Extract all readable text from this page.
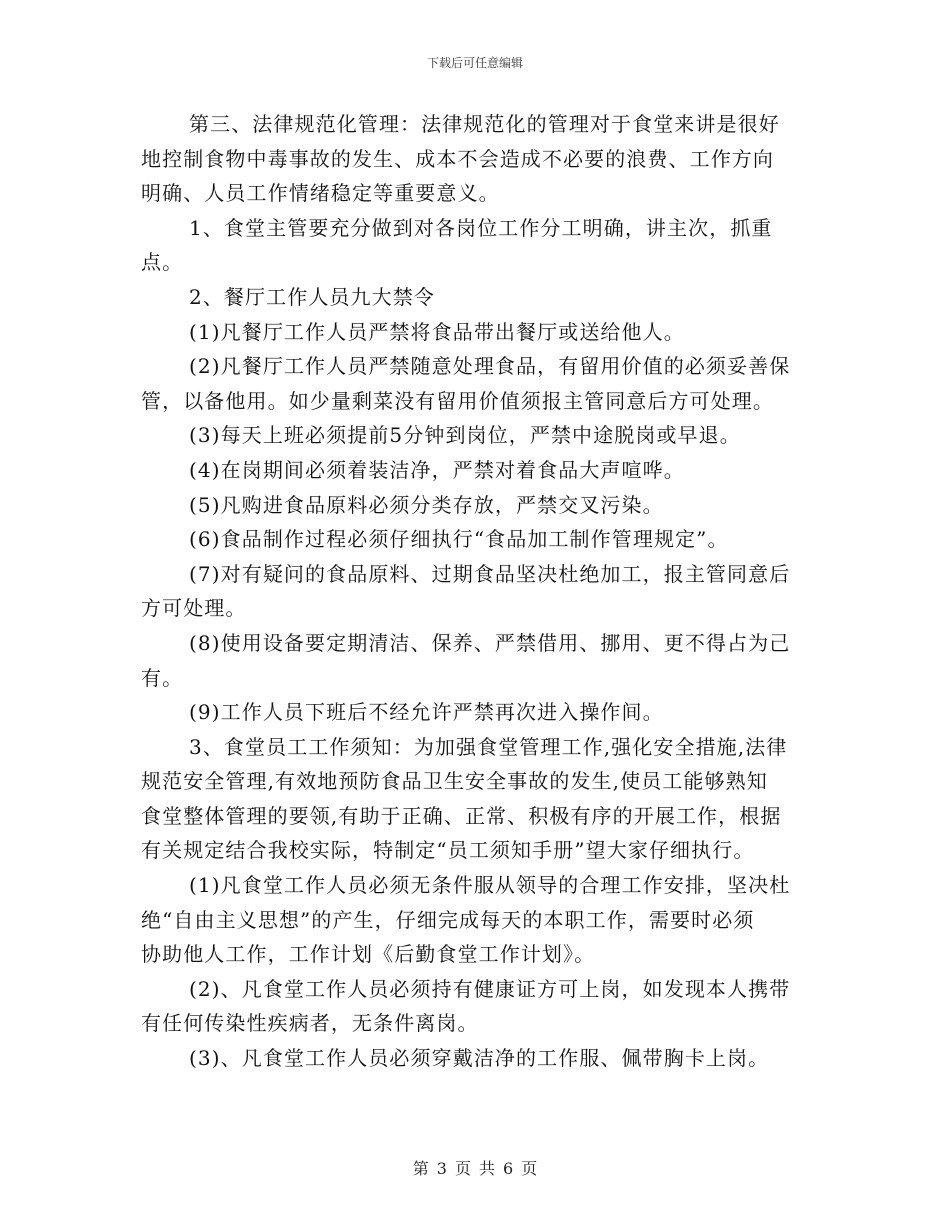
下载后可任意编辑

第三、法律规范化管理：法律规范化的管理对于食堂来讲是很好
地控制食物中毒事故的发生、成本不会造成不必要的浪费、工作方向
明确、人员工作情绪稳定等重要意义。

1、食堂主管要充分做到对各岗位工作分工明确，讲主次，抓重点。

2、餐厅工作人员九大禁令

(1)凡餐厅工作人员严禁将食品带出餐厅或送给他人。

(2)凡餐厅工作人员严禁随意处理食品，有留用价值的必须妥善保
管，以备他用。如少量剩菜没有留用价值须报主管同意后方可处理。

(3)每天上班必须提前5分钟到岗位，严禁中途脱岗或早退。

(4)在岗期间必须着装洁净，严禁对着食品大声喧哗。

(5)凡购进食品原料必须分类存放，严禁交叉污染。

(6)食品制作过程必须仔细执行“食品加工制作管理规定”。

(7)对有疑问的食品原料、过期食品坚决杜绝加工，报主管同意后
方可处理。

(8)使用设备要定期清洁、保养、严禁借用、挪用、更不得占为己
有。

(9)工作人员下班后不经允许严禁再次进入操作间。

3、食堂员工工作须知：为加强食堂管理工作,强化安全措施,法律
规范安全管理,有效地预防食品卫生安全事故的发生,使员工能够熟知
食堂整体管理的要领,有助于正确、正常、积极有序的开展工作，根据
有关规定结合我校实际，特制定“员工须知手册”望大家仔细执行。

(1)凡食堂工作人员必须无条件服从领导的合理工作安排，坚决杜
绝“自由主义思想”的产生，仔细完成每天的本职工作，需要时必须
协助他人工作，工作计划《后勤食堂工作计划》。

(2)、凡食堂工作人员必须持有健康证方可上岗，如发现本人携带
有任何传染性疾病者，无条件离岗。

(3)、凡食堂工作人员必须穿戴洁净的工作服、佩带胸卡上岗。

第 3 页 共 6 页
